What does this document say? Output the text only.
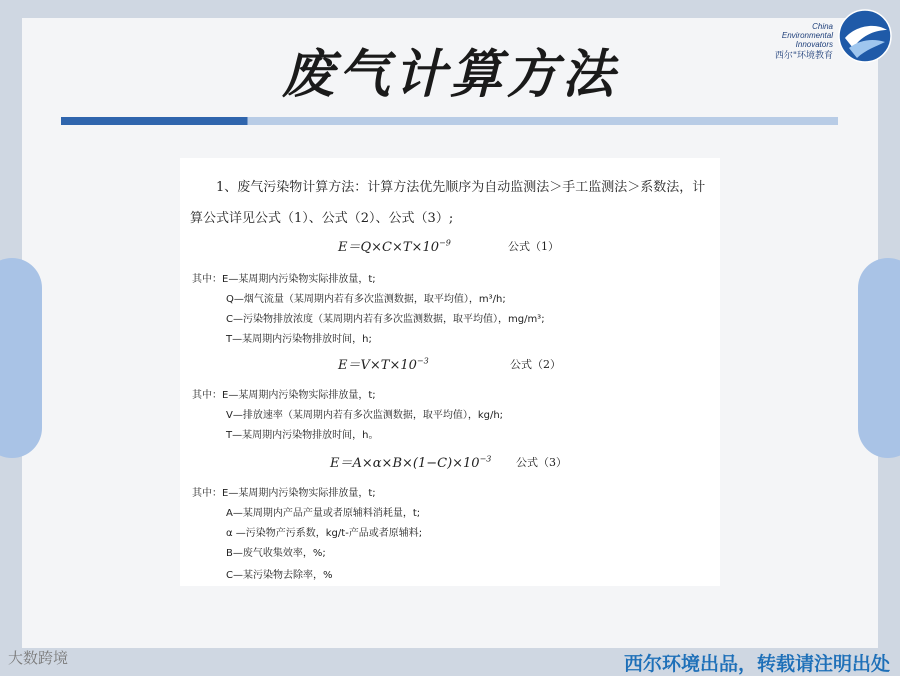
废气计算方法
China
Environmental
Innovators
西尔"环境教育
1、废气污染物计算方法：计算方法优先顺序为自动监测法＞手工监测法＞系数法，计算公式详见公式（1）、公式（2）、公式（3）;
$E=Q\times C\times T\times 10^{-9}$	公式（1）
其中：E—某周期内污染物实际排放量，t;
Q—烟气流量（某周期内若有多次监测数据，取平均值），m³/h;
C—污染物排放浓度（某周期内若有多次监测数据，取平均值），mg/m³;
T—某周期内污染物排放时间，h;
$E=V\times T\times 10^{-3}$	公式（2）
其中：E—某周期内污染物实际排放量，t;
V—排放速率（某周期内若有多次监测数据，取平均值），kg/h;
T—某周期内污染物排放时间，h。
$E=A\times\alpha\times B\times(1-C)\times 10^{-3}$ 公式（3）
其中：E—某周期内污染物实际排放量，t;
A—某周期内产品产量或者原辅料消耗量，t;
α —污染物产污系数，kg/t-产品或者原辅料;
B—废气收集效率，%;
C—某污染物去除率，%
大数跨境	西尔环境出品，转载请注明出处
